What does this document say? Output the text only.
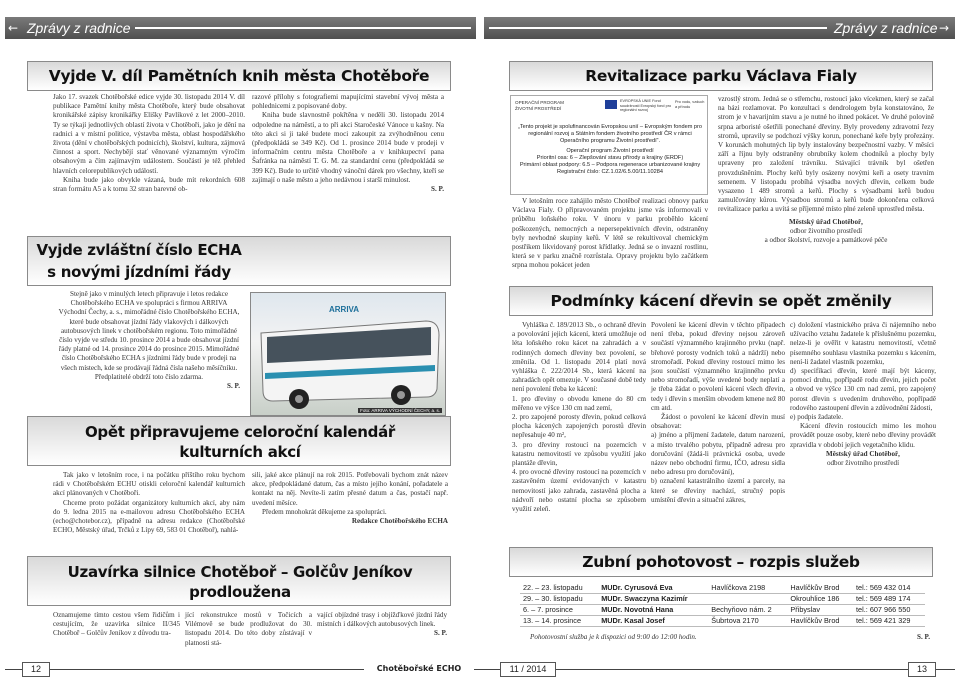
← Zprávy z radnice	Zprávy z radnice →
Vyjde V. díl Pamětních knih města Chotěboře

Jako 17. svazek Chotěbořské edice vyjde 30. listopadu 2014 V. díl publikace Pamětní knihy města Chotěboře, který bude obsahovat kronikářské zápisy kronikářky Elišky Pavlíkové z let 2000–2010. Ty se týkají jednotlivých oblastí života v Chotěboři, jako je dění na radnici a v místní politice, výstavba města, oblast hospodářského života (dění v chotěbořských podnicích), školství, kultura, zájmová činnost a sport. Nechybějí stať věnované významným výročím obsahovým a čím zajímavým událostem. Součástí je též přehled hlavních celorepublikových událostí.

Kniha bude jako obvykle vázaná, bude mít rekordních 608 stran formátu A5 a k tomu 32 stran barevné ob-

razové přílohy s fotografiemi mapujícími stavební vývoj města a pohlednicemi z popisované doby.

Kniha bude slavnostně pokřtěna v neděli 30. listopadu 2014 odpoledne na náměstí, a to při akci Staročeské Vánoce u kašny. Na této akci si ji také budete moci zakoupit za zvýhodněnou cenu (předpokládá se 349 Kč). Od 1. prosince 2014 bude v prodeji v informačním centru města Chotěboře a v knihkupectví pana Šafránka na náměstí T. G. M. za standardní cenu (předpokládá se 399 Kč). Bude to určitě vhodný vánoční dárek pro všechny, kteří se zajímají o naše město a jeho nedávnou i starší minulost.

S. P.

Vyjde zvláštní číslo ECHA
s novými jízdními řády

Stejně jako v minulých letech připravuje i letos redakce Chotěbořského ECHA ve spolupráci s firmou ARRIVA Východní Čechy, a. s., mimořádné číslo Chotěbořského ECHA, které bude obsahovat jízdní řády vlakových i dálkových autobusových linek v chotěbořském regionu. Toto mimořádné číslo vyjde ve středu 10. prosince 2014 a bude obsahovat jízdní řády platné od 14. prosince 2014 do prosince 2015. Mimořádné číslo Chotěbořského ECHA s jízdními řády bude v prodeji na všech místech, kde se prodávají řádná čísla našeho měsíčníku. Předplatitelé obdrží toto číslo zdarma.

S. P.

ARRIVA
Foto: ARRIVA VÝCHODNÍ ČECHY, a. s.
Opět připravujeme celoroční kalendář
kulturních akcí

Tak jako v letošním roce, i na počátku příštího roku bychom rádi v Chotěbořském ECHU otiskli celoroční kalendář kulturních akcí plánovaných v Chotěboři.

Chceme proto požádat organizátory kulturních akcí, aby nám do 9. ledna 2015 na e-mailovou adresu Chotěbořského ECHA (echo@chotebor.cz), případně na adresu redakce (Chotěbořské ECHO, Městský úřad, Trčků z Lípy 69, 583 01 Chotěboř), nahlá-

sili, jaké akce plánují na rok 2015. Potřebovali bychom znát název akce, předpokládané datum, čas a místo jejího konání, pořadatele a kontakt na něj. Nevíte-li zatím přesné datum a čas, postačí např. uvedení měsíce.

Předem mnohokrát děkujeme za spolupráci.

Redakce Chotěbořského ECHA

Uzavírka silnice Chotěboř – Golčův Jeníkov
prodloužena
Oznamujeme tímto cestou všem řidičům i cestujícím, že uzavírka silnice II/345 Chotěboř – Golčův Jeníkov z důvodu tra-
jící rekonstrukce mostů v Točicích a Vilémově se bude prodlužovat do 30. listopadu 2014. Do této doby zůstávají v platnosti stá-

vající objízdné trasy i objížďkové jízdní řády místních i dálkových autobusových linek.

S. P.

Revitalizace parku Václava Fialy
OPERAČNÍ PROGRAM ŽIVOTNÍ PROSTŘEDÍ
EVROPSKÁ UNIE Fond soudržnosti Evropský fond pro regionální rozvoj
Pro vodu, vzduch a přírodu
„Tento projekt je spolufinancován Evropskou unií – Evropským fondem pro regionální rozvoj a Státním fondem životního prostředí ČR v rámci Operačního programu Životní prostředí“.
Operační program Životní prostředí
Prioritní osa: 6 – Zlepšování stavu přírody a krajiny (ERDF)
Primární oblast podpory: 6.5 – Podpora regenerace urbanizované krajiny
Registrační číslo: CZ.1.02/6.5.00/11.10284
V letošním roce zahájilo město Chotěboř realizaci obnovy parku Václava Fialy. O připravovaném projektu jsme vás informovali v průběhu loňského roku. V únoru v parku proběhlo kácení poškozených, nemocných a nepersepektivních dřevin, odstraněny byly nevhodné skupiny keřů. V létě se rekultivoval chemickým postřikem likvidovaný porost křídlatky. Jedná se o invazní rostlinu, která se v parku značně rozrůstala. Opravy projektu bylo začátkem srpna mohou pokácet jeden

vzrostlý strom. Jedná se o střemchu, rostoucí jako vícekmen, který se začal na bázi rozlamovat. Po konzultaci s dendrologem byla konstatováno, že strom je v havarijním stavu a je nutné ho ihned pokácet. Ve druhé polovině srpna arboristé ošetřili ponechané dřeviny. Byly provedeny zdravotní řezy stromů, upravily se podchozí výšky korun, ponechané keře byly prořezány. V korunách mohutných lip byly instalovány bezpečnostní vazby. V měsíci září a říjnu byly odstraněny obrubníky kolem chodníků a plochy byly upraveny pro založení trávníku. Stávající trávník byl ošetřen provzdušněním. Plochy keřů byly osázeny novými keři a osety travním semenem. V listopadu probíhá výsadba nových dřevin, celkem bude vysazeno 1 489 stromů a keřů. Plochy s výsadbami keřů budou zamulčovány kůrou. Výsadbou stromů a keřů bude dokončena celková revitalizace parku a uvítá se příjemné místo plné zeleně uprostřed města.

Městský úřad Chotěboř,

odbor životního prostředí

a odbor školství, rozvoje a památkové péče

Podmínky kácení dřevin se opět změnily

Vyhláška č. 189/2013 Sb., o ochraně dřevin a povolování jejich kácení, která umožňuje od léta loňského roku kácet na zahradách a v rodinných domech dřeviny bez povolení, se změnila. Od 1. listopadu 2014 platí nová vyhláška č. 222/2014 Sb., která kácení na zahradách opět omezuje. V současné době tedy není povolení třeba ke kácení:

1. pro dřeviny o obvodu kmene do 80 cm měřeno ve výšce 130 cm nad zemí,

2. pro zapojené porosty dřevin, pokud celková plocha kácených zapojených porostů dřevin nepřesahuje 40 m²,

3. pro dřeviny rostoucí na pozemcích v katastru nemovitostí ve způsobu využití jako plantáže dřevin,

4. pro ovocné dřeviny rostoucí na pozemcích v zastavěném území evidovaných v katastru nemovitostí jako zahrada, zastavěná plocha a nádvoří nebo ostatní plocha se způsobem využití zeleň.

Povolení ke kácení dřevin v těchto případech není třeba, pokud dřeviny nejsou zároveň součástí významného krajinného prvku (např. břehové porosty vodních toků a nádrží) nebo stromořadí. Pokud dřeviny rostoucí mimo les jsou součástí významného krajinného prvku nebo stromořadí, výše uvedené body neplatí a je třeba žádat o povolení kácení všech dřevin, tedy i dřevin s menším obvodem kmene než 80 cm atd.

Žádost o povolení ke kácení dřevin musí obsahovat:

a) jméno a příjmení žadatele, datum narození, a místo trvalého pobytu, případně adresu pro doručování (žádá-li právnická osoba, uvede název nebo obchodní firmu, IČO, adresu sídla nebo adresu pro doručování),

b) označení katastrálního území a parcely, na které se dřeviny nachází, stručný popis umístění dřevin a situační zákres,

c) doložení vlastnického práva či nájemního nebo užívacího vztahu žadatele k příslušnému pozemku, nelze-li je ověřit v katastru nemovitostí, včetně písemného souhlasu vlastníka pozemku s kácením, není-li žadatel vlastník pozemku,

d) specifikaci dřevin, které mají být káceny, pomocí druhu, popřípadě rodu dřevin, jejich počet a obvod ve výšce 130 cm nad zemí, pro zapojený porost dřevin s uvedením druhového, popřípadě rodového zastoupení dřevin a zdůvodnění žádosti,

e) podpis žadatele.

Kácení dřevin rostoucích mimo les mohou provádět pouze osoby, které nebo dřeviny provádět zpravidla v období jejich vegetačního klidu.

Městský úřad Chotěboř,

odbor životního prostředí

Zubní pohotovost – rozpis služeb
22. – 23. listopadu	MUDr. Cyrusová Eva	Havlíčkova 2198	Havlíčkův Brod	tel.: 569 432 014
29. – 30. listopadu	MUDr. Swaczyna Kazimír		Okrouhlice 186	tel.: 569 489 174
6. – 7. prosince	MUDr. Novotná Hana	Bechyňovo nám. 2	Přibyslav	tel.: 607 966 550
13. – 14. prosince	MUDr. Kasal Josef	Šubrtova 2170	Havlíčkův Brod	tel.: 569 421 329
Pohotovostní služba je k dispozici od 9:00 do 12:00 hodin.	S. P.
12	Chotěbořské ECHO	11 / 2014	13
